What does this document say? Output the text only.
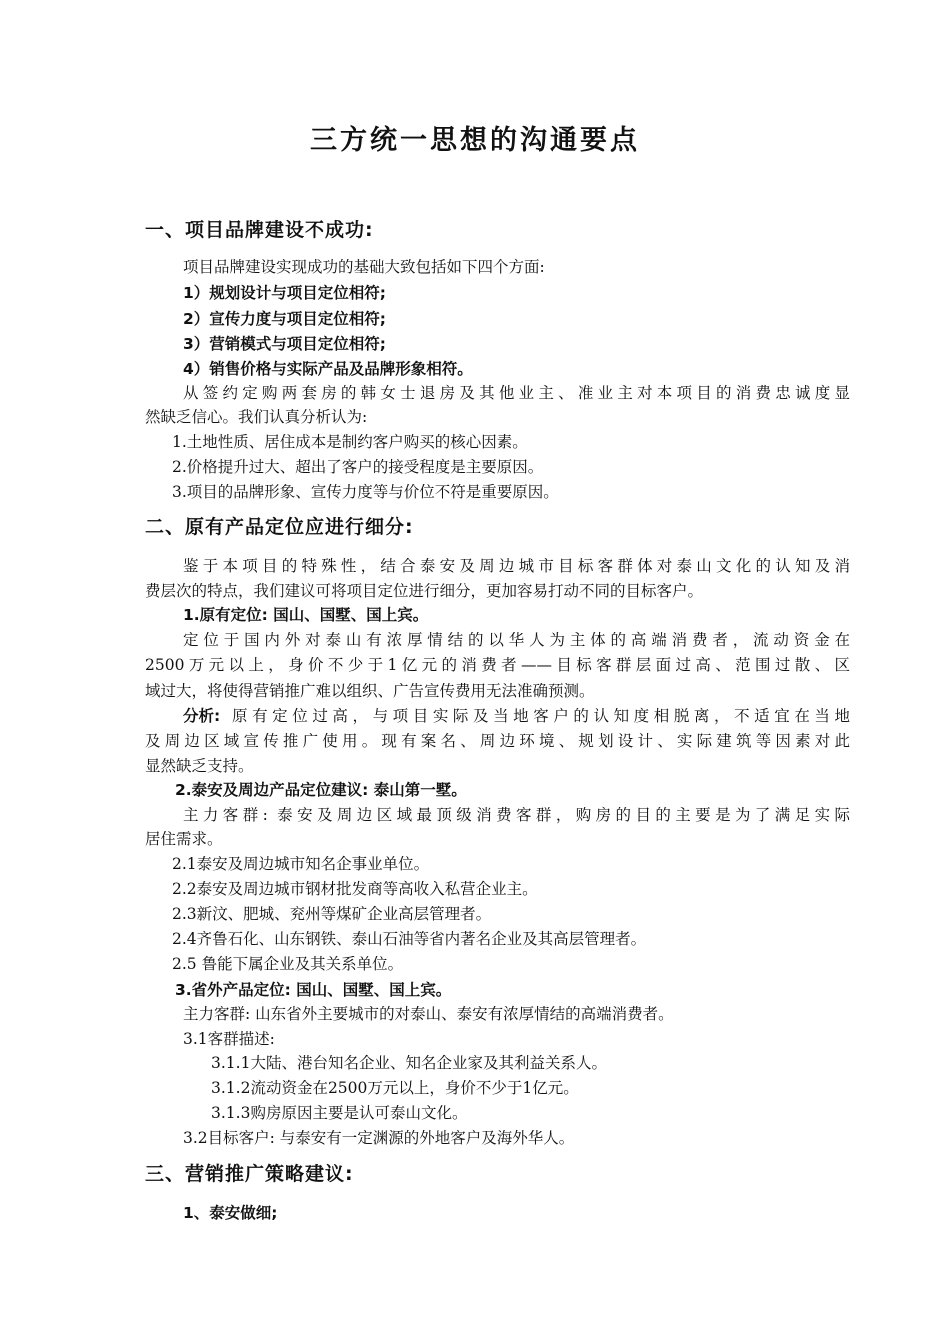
三方统一思想的沟通要点
一、项目品牌建设不成功:
项目品牌建设实现成功的基础大致包括如下四个方面:
1）规划设计与项目定位相符;
2）宣传力度与项目定位相符;
3）营销模式与项目定位相符;
4）销售价格与实际产品及品牌形象相符。
从签约定购两套房的韩女士退房及其他业主、准业主对本项目的消费忠诚度显
然缺乏信心。我们认真分析认为:
1.土地性质、居住成本是制约客户购买的核心因素。
2.价格提升过大、超出了客户的接受程度是主要原因。
3.项目的品牌形象、宣传力度等与价位不符是重要原因。
二、原有产品定位应进行细分:
鉴于本项目的特殊性，结合泰安及周边城市目标客群体对泰山文化的认知及消
费层次的特点，我们建议可将项目定位进行细分，更加容易打动不同的目标客户。
1.原有定位: 国山、国墅、国上宾。
定位于国内外对泰山有浓厚情结的以华人为主体的高端消费者，流动资金在
2500万元以上，身价不少于1亿元的消费者——目标客群层面过高、范围过散、区
域过大，将使得营销推广难以组织、广告宣传费用无法准确预测。
分析: 原有定位过高，与项目实际及当地客户的认知度相脱离，不适宜在当地
及周边区域宣传推广使用。现有案名、周边环境、规划设计、实际建筑等因素对此
显然缺乏支持。
2.泰安及周边产品定位建议: 泰山第一墅。
主力客群: 泰安及周边区域最顶级消费客群，购房的目的主要是为了满足实际
居住需求。
2.1泰安及周边城市知名企事业单位。
2.2泰安及周边城市钢材批发商等高收入私营企业主。
2.3新汶、肥城、兖州等煤矿企业高层管理者。
2.4齐鲁石化、山东钢铁、泰山石油等省内著名企业及其高层管理者。
2.5 鲁能下属企业及其关系单位。
3.省外产品定位: 国山、国墅、国上宾。
主力客群: 山东省外主要城市的对泰山、泰安有浓厚情结的高端消费者。
3.1客群描述:
3.1.1大陆、港台知名企业、知名企业家及其利益关系人。
3.1.2流动资金在2500万元以上，身价不少于1亿元。
3.1.3购房原因主要是认可泰山文化。
3.2目标客户: 与泰安有一定渊源的外地客户及海外华人。
三、营销推广策略建议:
1、泰安做细;
